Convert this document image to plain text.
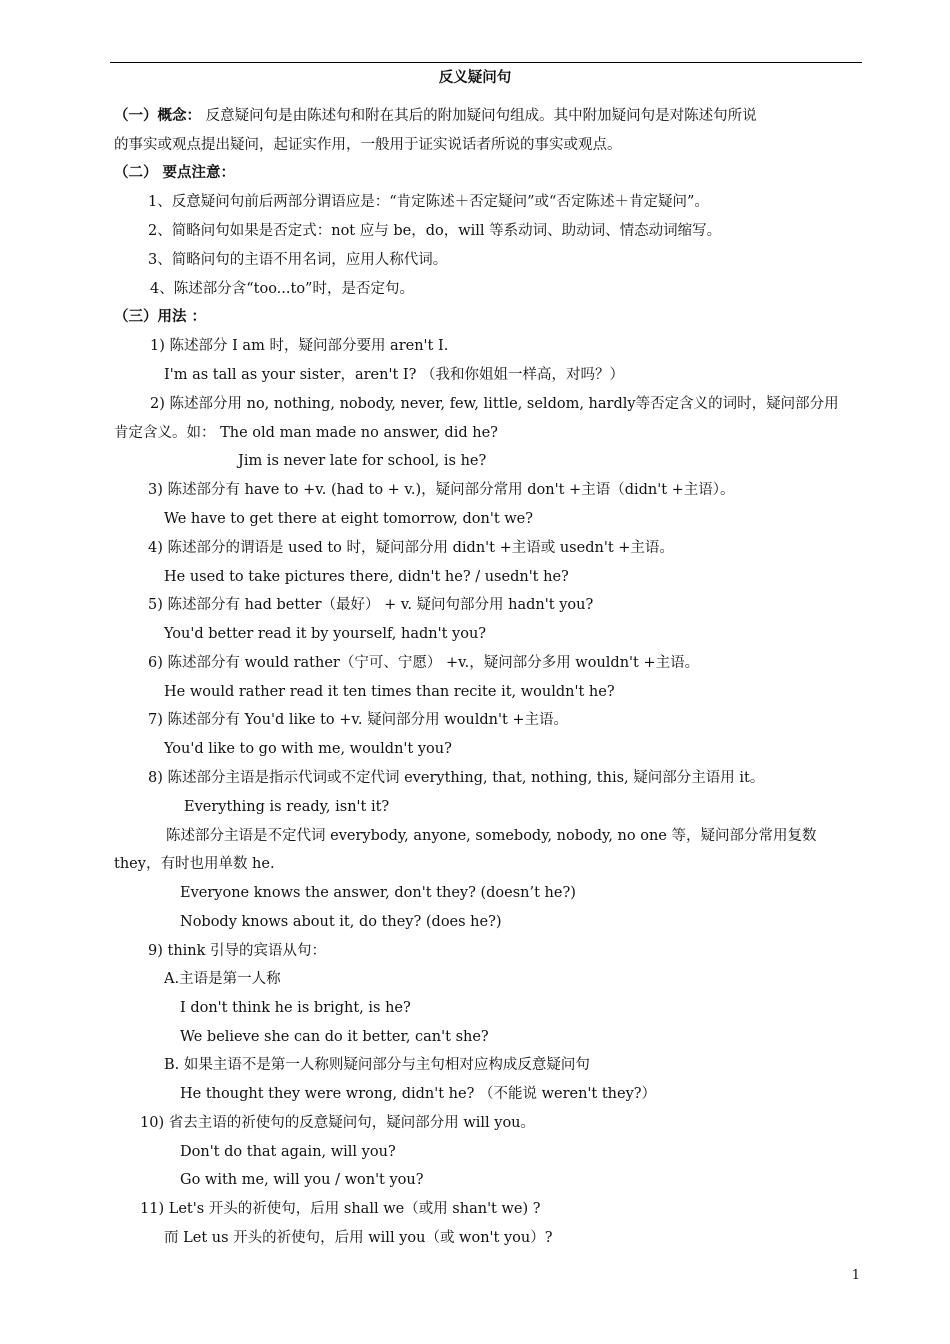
反义疑问句
（一）概念： 反意疑问句是由陈述句和附在其后的附加疑问句组成。其中附加疑问句是对陈述句所说
的事实或观点提出疑问，起证实作用，一般用于证实说话者所说的事实或观点。
（二） 要点注意：
1、反意疑问句前后两部分谓语应是：“肯定陈述＋否定疑问”或“否定陈述＋肯定疑问”。
2、简略问句如果是否定式：not 应与 be，do，will 等系动词、助动词、情态动词缩写。
3、简略问句的主语不用名词，应用人称代词。
4、陈述部分含“too...to”时，是否定句。
（三）用法 ：
1) 陈述部分 I am 时，疑问部分要用 aren't I.
I'm as tall as your sister，aren't I? （我和你姐姐一样高，对吗？）
2) 陈述部分用 no, nothing, nobody, never, few, little, seldom, hardly等否定含义的词时，疑问部分用
肯定含义。如： The old man made no answer, did he?
Jim is never late for school, is he?
3) 陈述部分有 have to +v. (had to + v.)，疑问部分常用 don't +主语（didn't +主语）。
We have to get there at eight tomorrow, don't we?
4) 陈述部分的谓语是 used to 时，疑问部分用 didn't +主语或 usedn't +主语。
He used to take pictures there, didn't he? / usedn't he?
5) 陈述部分有 had better（最好） + v. 疑问句部分用 hadn't you?
You'd better read it by yourself, hadn't you?
6) 陈述部分有 would rather（宁可、宁愿） +v.，疑问部分多用 wouldn't +主语。
He would rather read it ten times than recite it, wouldn't he?
7) 陈述部分有 You'd like to +v. 疑问部分用 wouldn't +主语。
You'd like to go with me, wouldn't you?
8) 陈述部分主语是指示代词或不定代词 everything, that, nothing, this, 疑问部分主语用 it。
Everything is ready, isn't it?
陈述部分主语是不定代词 everybody, anyone, somebody, nobody, no one 等，疑问部分常用复数
they，有时也用单数 he.
Everyone knows the answer, don't they? (doesn’t he?)
Nobody knows about it, do they? (does he?)
9) think 引导的宾语从句：
A.主语是第一人称
I don't think he is bright, is he?
We believe she can do it better, can't she?
B. 如果主语不是第一人称则疑问部分与主句相对应构成反意疑问句
He thought they were wrong, didn't he? （不能说 weren't they?）
10) 省去主语的祈使句的反意疑问句，疑问部分用 will you。
Don't do that again, will you?
Go with me, will you / won't you?
11) Let's 开头的祈使句，后用 shall we（或用 shan't we) ?
而 Let us 开头的祈使句，后用 will you（或 won't you）?
1
